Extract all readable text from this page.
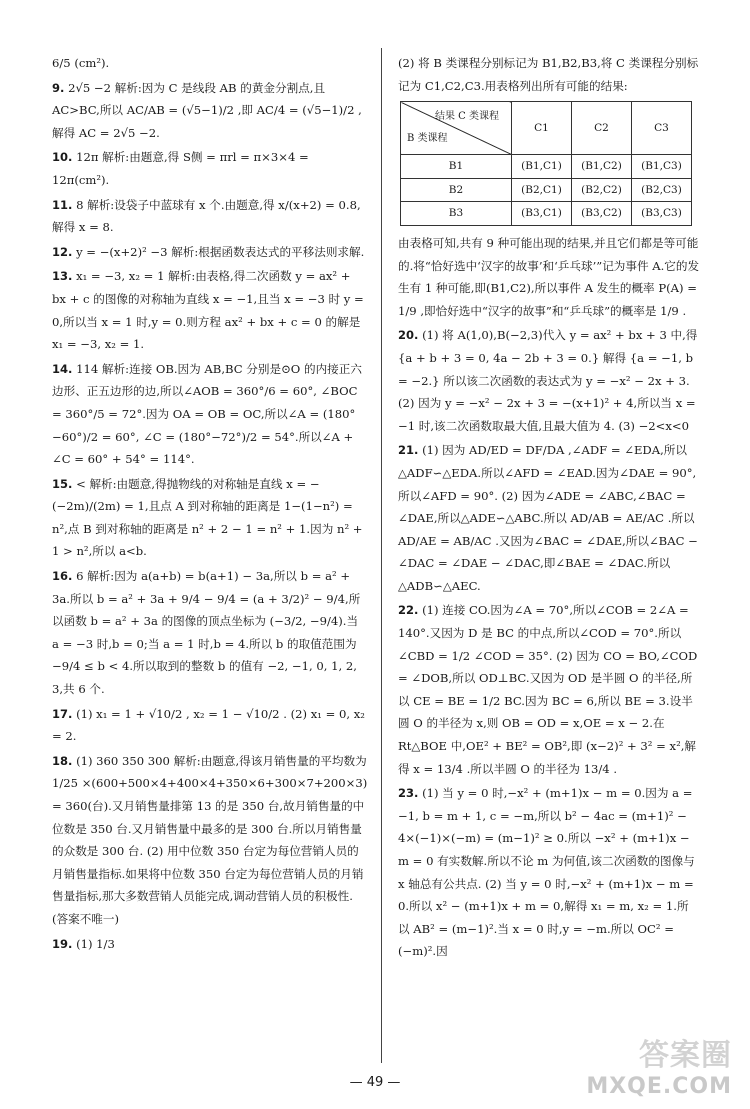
6/5 (cm²).
9. 2√5 −2 解析:因为 C 是线段 AB 的黄金分割点,且 AC>BC,所以 AC/AB = (√5−1)/2 ,即 AC/4 = (√5−1)/2 ,解得 AC = 2√5 −2.
10. 12π 解析:由题意,得 S侧 = πrl = π×3×4 = 12π(cm²).
11. 8 解析:设袋子中蓝球有 x 个.由题意,得 x/(x+2) = 0.8,解得 x = 8.
12. y = −(x+2)² −3 解析:根据函数表达式的平移法则求解.
13. x₁ = −3, x₂ = 1 解析:由表格,得二次函数 y = ax² + bx + c 的图像的对称轴为直线 x = −1,且当 x = −3 时 y = 0,所以当 x = 1 时,y = 0.则方程 ax² + bx + c = 0 的解是 x₁ = −3, x₂ = 1.
14. 114 解析:连接 OB.因为 AB,BC 分别是⊙O 的内接正六边形、正五边形的边,所以∠AOB = 360°/6 = 60°, ∠BOC = 360°/5 = 72°.因为 OA = OB = OC,所以∠A = (180°−60°)/2 = 60°, ∠C = (180°−72°)/2 = 54°.所以∠A + ∠C = 60° + 54° = 114°.
15. < 解析:由题意,得抛物线的对称轴是直线 x = −(−2m)/(2m) = 1,且点 A 到对称轴的距离是 1−(1−n²) = n²,点 B 到对称轴的距离是 n² + 2 − 1 = n² + 1.因为 n² + 1 > n²,所以 a<b.
16. 6 解析:因为 a(a+b) = b(a+1) − 3a,所以 b = a² + 3a.所以 b = a² + 3a + 9/4 − 9/4 = (a + 3/2)² − 9/4,所以函数 b = a² + 3a 的图像的顶点坐标为 (−3/2, −9/4).当 a = −3 时,b = 0;当 a = 1 时,b = 4.所以 b 的取值范围为 −9/4 ≤ b < 4.所以取到的整数 b 的值有 −2, −1, 0, 1, 2, 3,共 6 个.
17. (1) x₁ = 1 + √10/2 , x₂ = 1 − √10/2 . (2) x₁ = 0, x₂ = 2.
18. (1) 360 350 300 解析:由题意,得该月销售量的平均数为 1/25 ×(600+500×4+400×4+350×6+300×7+200×3) = 360(台).又月销售量排第 13 的是 350 台,故月销售量的中位数是 350 台.又月销售量中最多的是 300 台.所以月销售量的众数是 300 台. (2) 用中位数 350 台定为每位营销人员的月销售量指标.如果将中位数 350 台定为每位营销人员的月销售量指标,那大多数营销人员能完成,调动营销人员的积极性.(答案不唯一)
19. (1) 1/3
(2) 将 B 类课程分别标记为 B1,B2,B3,将 C 类课程分别标记为 C1,C2,C3.用表格列出所有可能的结果:
结果 C 类课程
B 类课程	C1	C2	C3
B1	(B1,C1)	(B1,C2)	(B1,C3)
B2	(B2,C1)	(B2,C2)	(B2,C3)
B3	(B3,C1)	(B3,C2)	(B3,C3)
由表格可知,共有 9 种可能出现的结果,并且它们都是等可能的.将“恰好选中‘汉字的故事’和‘乒乓球’”记为事件 A.它的发生有 1 种可能,即(B1,C2),所以事件 A 发生的概率 P(A) = 1/9 ,即恰好选中“汉字的故事”和“乒乓球”的概率是 1/9 .
20. (1) 将 A(1,0),B(−2,3)代入 y = ax² + bx + 3 中,得 {a + b + 3 = 0, 4a − 2b + 3 = 0.} 解得 {a = −1, b = −2.} 所以该二次函数的表达式为 y = −x² − 2x + 3. (2) 因为 y = −x² − 2x + 3 = −(x+1)² + 4,所以当 x = −1 时,该二次函数取最大值,且最大值为 4. (3) −2<x<0
21. (1) 因为 AD/ED = DF/DA ,∠ADF = ∠EDA,所以△ADF∽△EDA.所以∠AFD = ∠EAD.因为∠DAE = 90°,所以∠AFD = 90°. (2) 因为∠ADE = ∠ABC,∠BAC = ∠DAE,所以△ADE∽△ABC.所以 AD/AB = AE/AC .所以 AD/AE = AB/AC .又因为∠BAC = ∠DAE,所以∠BAC − ∠DAC = ∠DAE − ∠DAC,即∠BAE = ∠DAC.所以△ADB∽△AEC.
22. (1) 连接 CO.因为∠A = 70°,所以∠COB = 2∠A = 140°.又因为 D 是 BC 的中点,所以∠COD = 70°.所以∠CBD = 1/2 ∠COD = 35°. (2) 因为 CO = BO,∠COD = ∠DOB,所以 OD⊥BC.又因为 OD 是半圆 O 的半径,所以 CE = BE = 1/2 BC.因为 BC = 6,所以 BE = 3.设半圆 O 的半径为 x,则 OB = OD = x,OE = x − 2.在 Rt△BOE 中,OE² + BE² = OB²,即 (x−2)² + 3² = x²,解得 x = 13/4 .所以半圆 O 的半径为 13/4 .
23. (1) 当 y = 0 时,−x² + (m+1)x − m = 0.因为 a = −1, b = m + 1, c = −m,所以 b² − 4ac = (m+1)² − 4×(−1)×(−m) = (m−1)² ≥ 0.所以 −x² + (m+1)x − m = 0 有实数解.所以不论 m 为何值,该二次函数的图像与 x 轴总有公共点. (2) 当 y = 0 时,−x² + (m+1)x − m = 0.所以 x² − (m+1)x + m = 0,解得 x₁ = m, x₂ = 1.所以 AB² = (m−1)².当 x = 0 时,y = −m.所以 OC² = (−m)².因
— 49 —
答案圈
MXQE.COM
